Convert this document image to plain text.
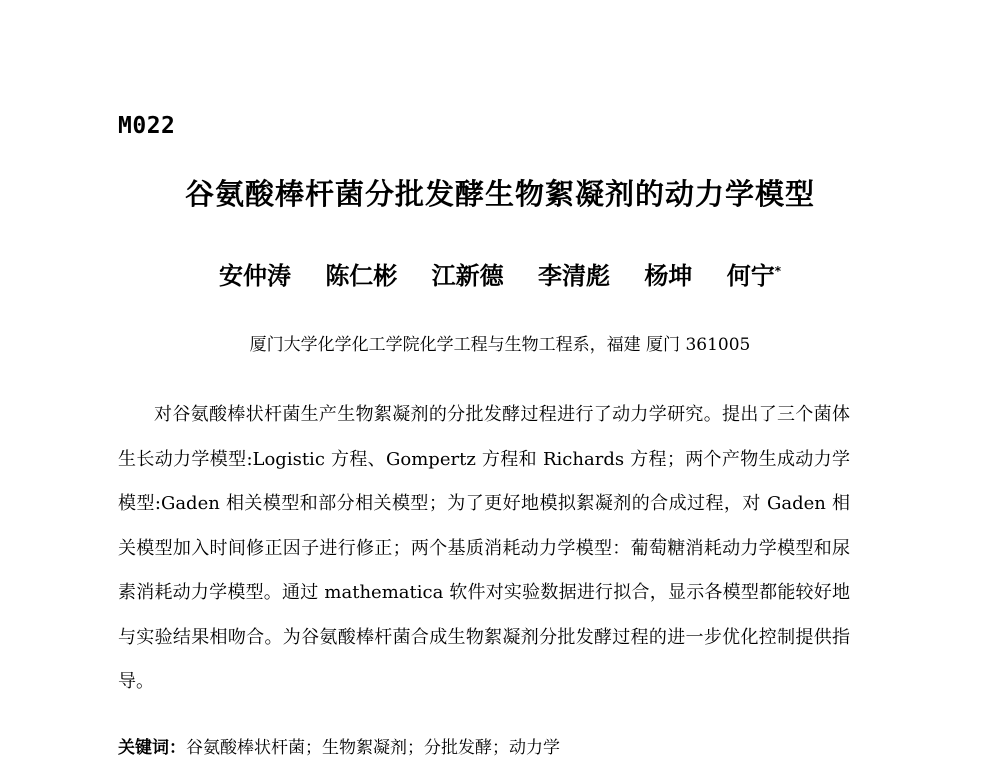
M022
谷氨酸棒杆菌分批发酵生物絮凝剂的动力学模型
安仲涛 陈仁彬 江新德 李清彪 杨坤 何宁*
厦门大学化学化工学院化学工程与生物工程系，福建 厦门 361005

对谷氨酸棒状杆菌生产生物絮凝剂的分批发酵过程进行了动力学研究。提出了三个菌体生长动力学模型:Logistic 方程、Gompertz 方程和 Richards 方程；两个产物生成动力学模型:Gaden 相关模型和部分相关模型；为了更好地模拟絮凝剂的合成过程，对 Gaden 相关模型加入时间修正因子进行修正；两个基质消耗动力学模型：葡萄糖消耗动力学模型和尿素消耗动力学模型。通过 mathematica 软件对实验数据进行拟合，显示各模型都能较好地与实验结果相吻合。为谷氨酸棒杆菌合成生物絮凝剂分批发酵过程的进一步优化控制提供指导。

关键词：谷氨酸棒状杆菌；生物絮凝剂；分批发酵；动力学
